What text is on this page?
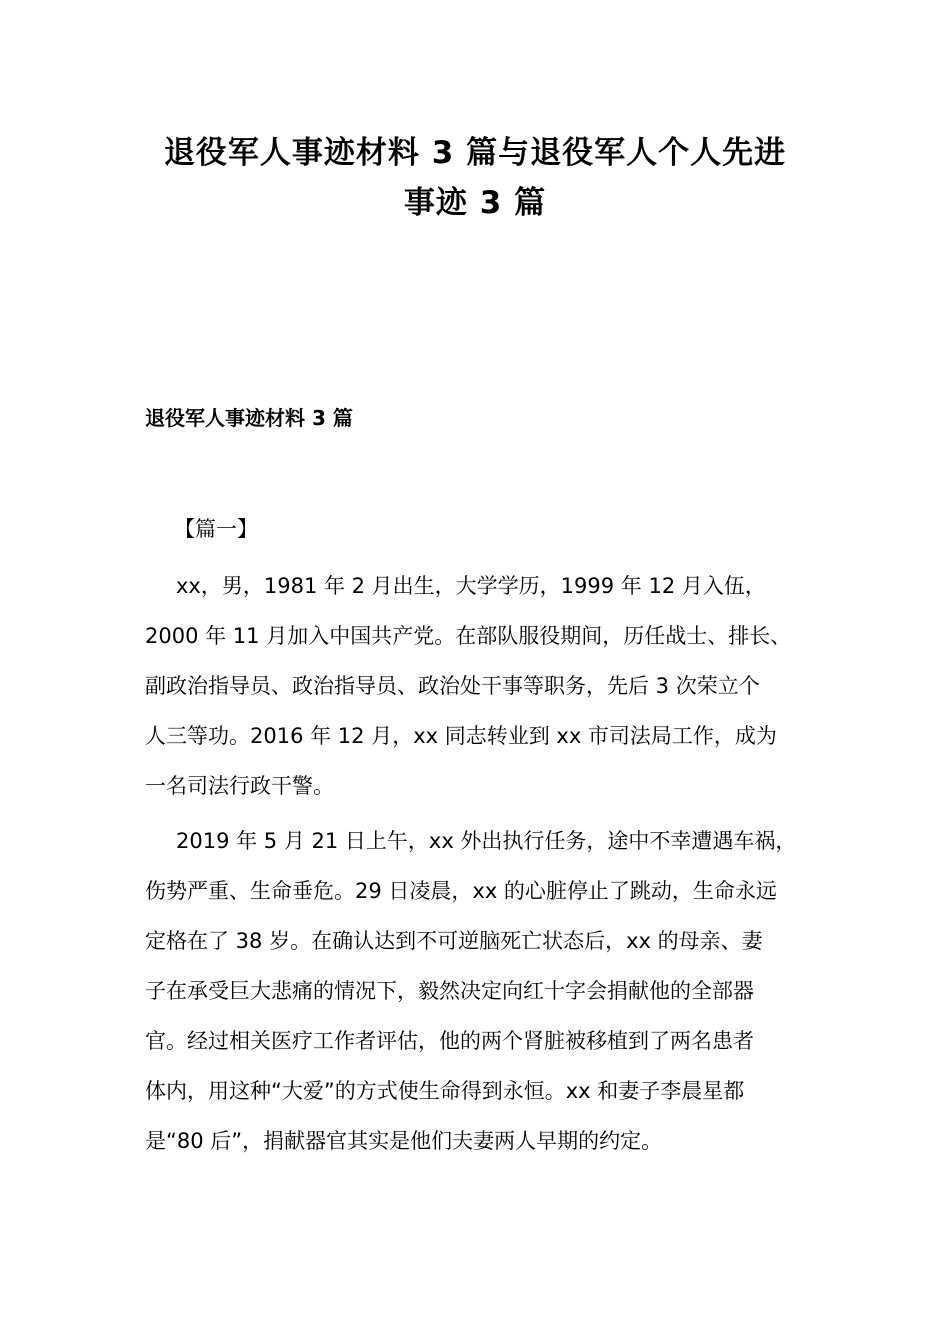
退役军人事迹材料 3 篇与退役军人个人先进
事迹 3 篇
退役军人事迹材料 3 篇
【篇一】
xx，男，1981 年 2 月出生，大学学历，1999 年 12 月入伍，
2000 年 11 月加入中国共产党。在部队服役期间，历任战士、排长、
副政治指导员、政治指导员、政治处干事等职务，先后 3 次荣立个
人三等功。2016 年 12 月，xx 同志转业到 xx 市司法局工作，成为
一名司法行政干警。
2019 年 5 月 21 日上午，xx 外出执行任务，途中不幸遭遇车祸，
伤势严重、生命垂危。29 日凌晨，xx 的心脏停止了跳动，生命永远
定格在了 38 岁。在确认达到不可逆脑死亡状态后，xx 的母亲、妻
子在承受巨大悲痛的情况下，毅然决定向红十字会捐献他的全部器
官。经过相关医疗工作者评估，他的两个肾脏被移植到了两名患者
体内，用这种“大爱”的方式使生命得到永恒。xx 和妻子李晨星都
是“80 后”，捐献器官其实是他们夫妻两人早期的约定。
